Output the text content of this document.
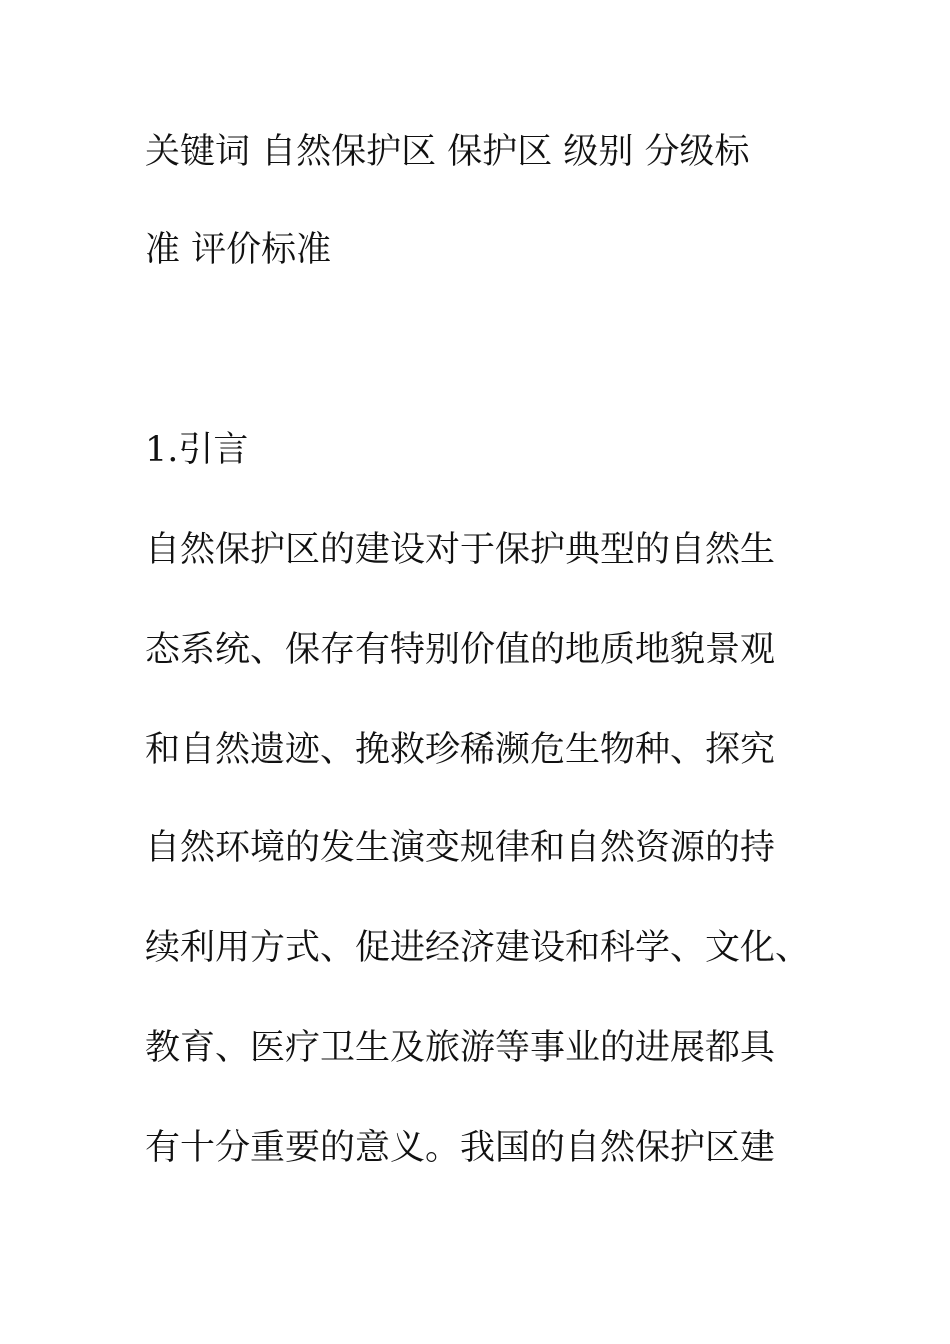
关键词 自然保护区 保护区 级别 分级标
准 评价标准
1.引言
自然保护区的建设对于保护典型的自然生
态系统、保存有特别价值的地质地貌景观
和自然遗迹、挽救珍稀濒危生物种、探究
自然环境的发生演变规律和自然资源的持
续利用方式、促进经济建设和科学、文化、
教育、医疗卫生及旅游等事业的进展都具
有十分重要的意义。我国的自然保护区建
